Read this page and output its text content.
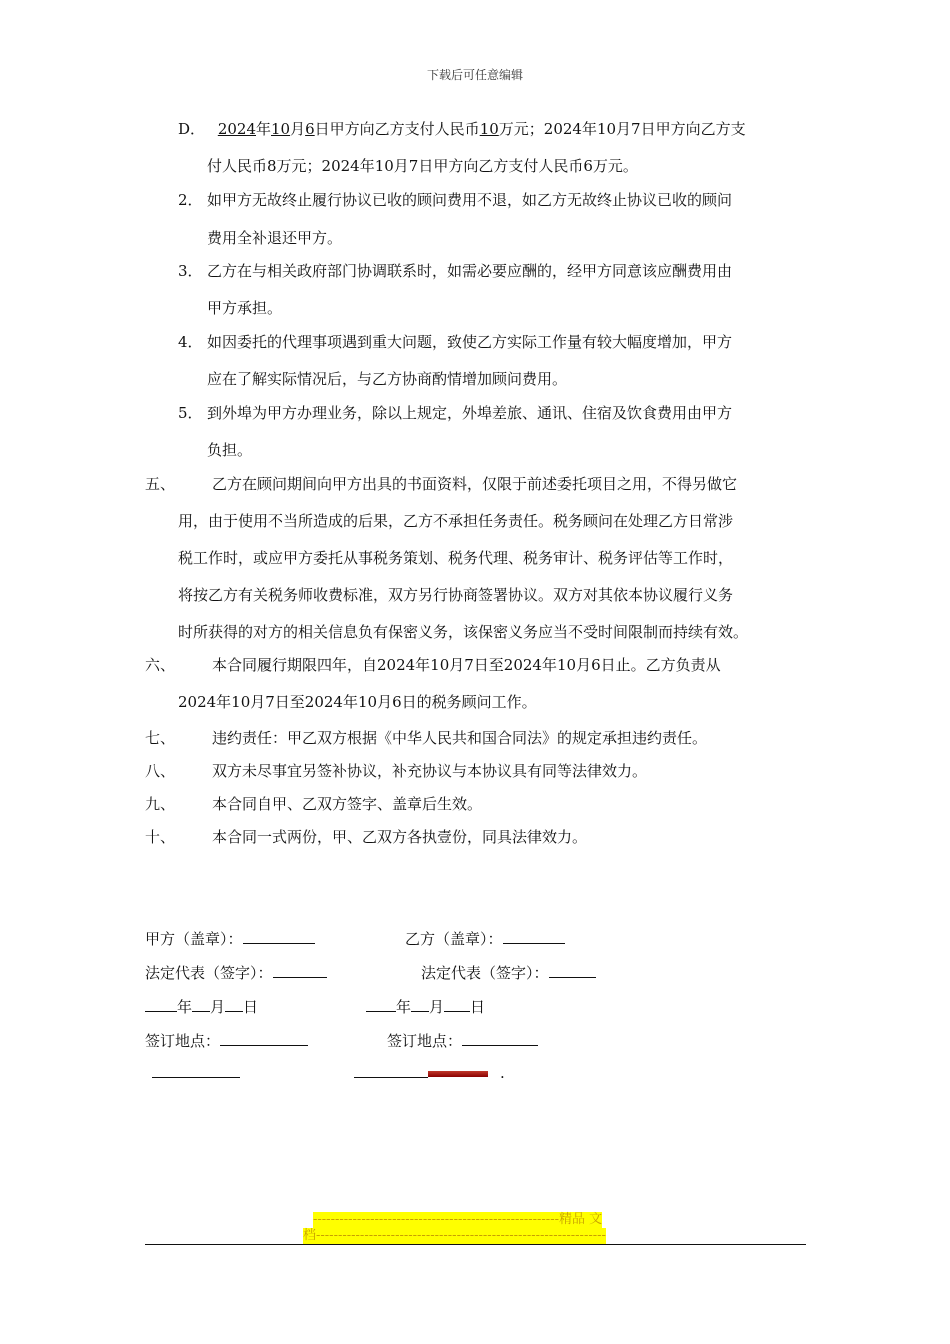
下载后可任意编辑
D． 2024年10月6日甲方向乙方支付人民币10万元；2024年10月7日甲方向乙方支
付人民币8万元；2024年10月7日甲方向乙方支付人民币6万元。
2． 如甲方无故终止履行协议已收的顾问费用不退，如乙方无故终止协议已收的顾问
费用全补退还甲方。
3． 乙方在与相关政府部门协调联系时，如需必要应酬的，经甲方同意该应酬费用由
甲方承担。
4． 如因委托的代理事项遇到重大问题，致使乙方实际工作量有较大幅度增加，甲方
应在了解实际情况后，与乙方协商酌情增加顾问费用。
5． 到外埠为甲方办理业务，除以上规定，外埠差旅、通讯、住宿及饮食费用由甲方
负担。
五、 乙方在顾问期间向甲方出具的书面资料，仅限于前述委托项目之用，不得另做它
用，由于使用不当所造成的后果，乙方不承担任务责任。税务顾问在处理乙方日常涉
税工作时，或应甲方委托从事税务策划、税务代理、税务审计、税务评估等工作时，
将按乙方有关税务师收费标准，双方另行协商签署协议。双方对其依本协议履行义务
时所获得的对方的相关信息负有保密义务，该保密义务应当不受时间限制而持续有效。
六、 本合同履行期限四年，自2024年10月7日至2024年10月6日止。乙方负责从
2024年10月7日至2024年10月6日的税务顾问工作。
七、 违约责任：甲乙双方根据《中华人民共和国合同法》的规定承担违约责任。
八、 双方未尽事宜另签补协议，补充协议与本协议具有同等法律效力。
九、 本合同自甲、乙双方签字、盖章后生效。
十、 本合同一式两份，甲、乙双方各执壹份，同具法律效力。
甲方（盖章）：	乙方（盖章）：
法定代表（签字）：	法定代表（签字）：
年 月 日	年 月 日
签订地点：	签订地点：
.
--------------------------------------------------------精品 文
档------------------------------------------------------------------
